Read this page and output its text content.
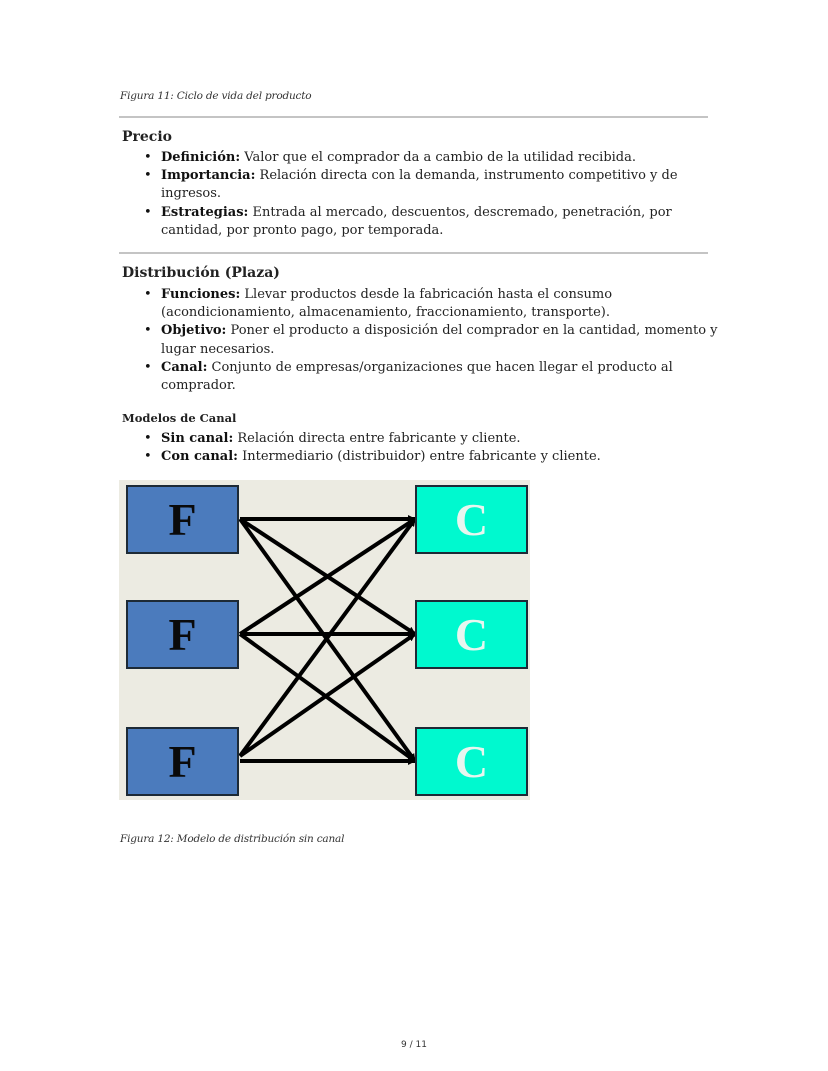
Figura 11: Ciclo de vida del producto
Precio
• Definición: Valor que el comprador da a cambio de la utilidad recibida.
• Importancia: Relación directa con la demanda, instrumento competitivo y de ingresos.
• Estrategias: Entrada al mercado, descuentos, descremado, penetración, por cantidad, por pronto pago, por temporada.
Distribución (Plaza)
• Funciones: Llevar productos desde la fabricación hasta el consumo (acondicionamiento, almacenamiento, fraccionamiento, transporte).
• Objetivo: Poner el producto a disposición del comprador en la cantidad, momento y lugar necesarios.
• Canal: Conjunto de empresas/organizaciones que hacen llegar el producto al comprador.
Modelos de Canal
• Sin canal: Relación directa entre fabricante y cliente.
• Con canal: Intermediario (distribuidor) entre fabricante y cliente.
F
F
F
C
C
C
Figura 12: Modelo de distribución sin canal
9 / 11
